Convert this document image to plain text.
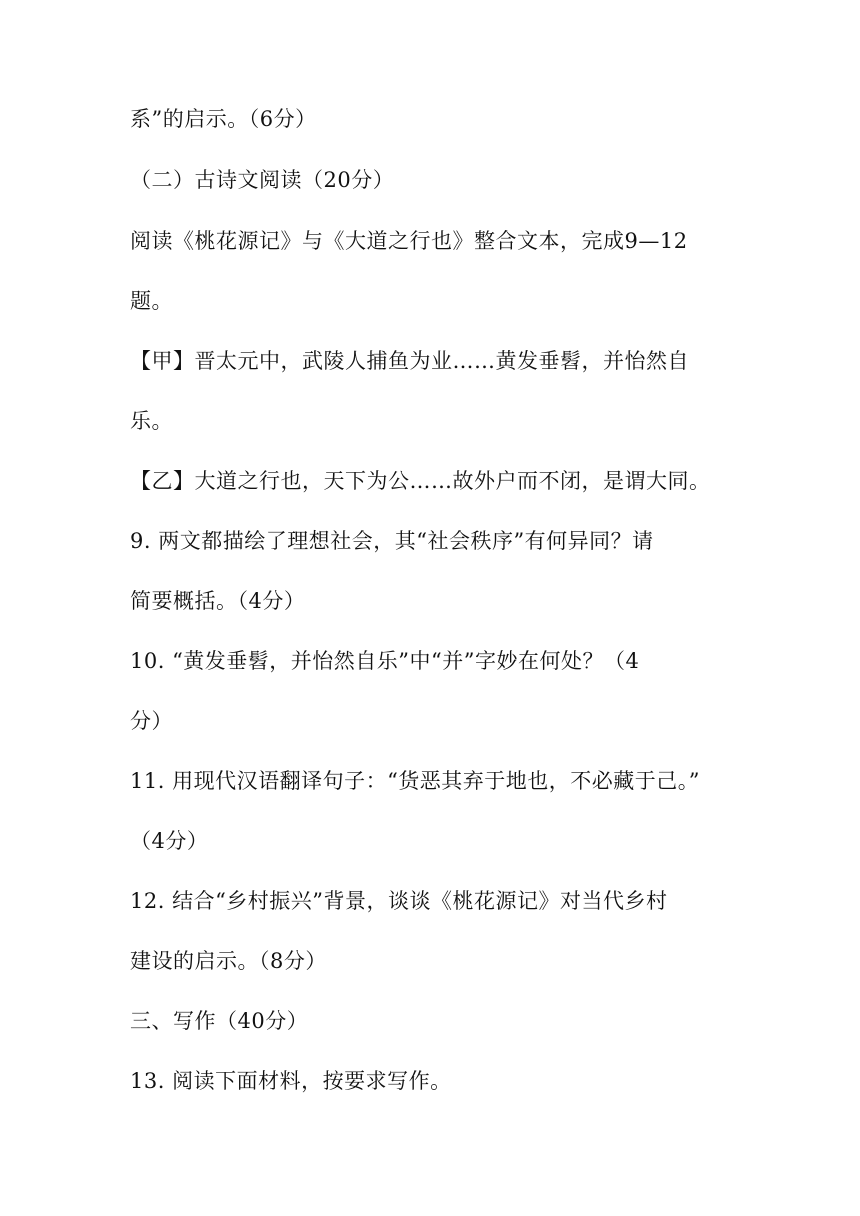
系”的启示。（6分）
（二）古诗文阅读（20分）
阅读《桃花源记》与《大道之行也》整合文本，完成9—12
题。
【甲】晋太元中，武陵人捕鱼为业……黄发垂髫，并怡然自
乐。
【乙】大道之行也，天下为公……故外户而不闭，是谓大同。
9. 两文都描绘了理想社会，其“社会秩序”有何异同？请
简要概括。（4分）
10. “黄发垂髫，并怡然自乐”中“并”字妙在何处？（4
分）
11. 用现代汉语翻译句子：“货恶其弃于地也，不必藏于己。”
（4分）
12. 结合“乡村振兴”背景，谈谈《桃花源记》对当代乡村
建设的启示。（8分）
三、写作（40分）
13. 阅读下面材料，按要求写作。
